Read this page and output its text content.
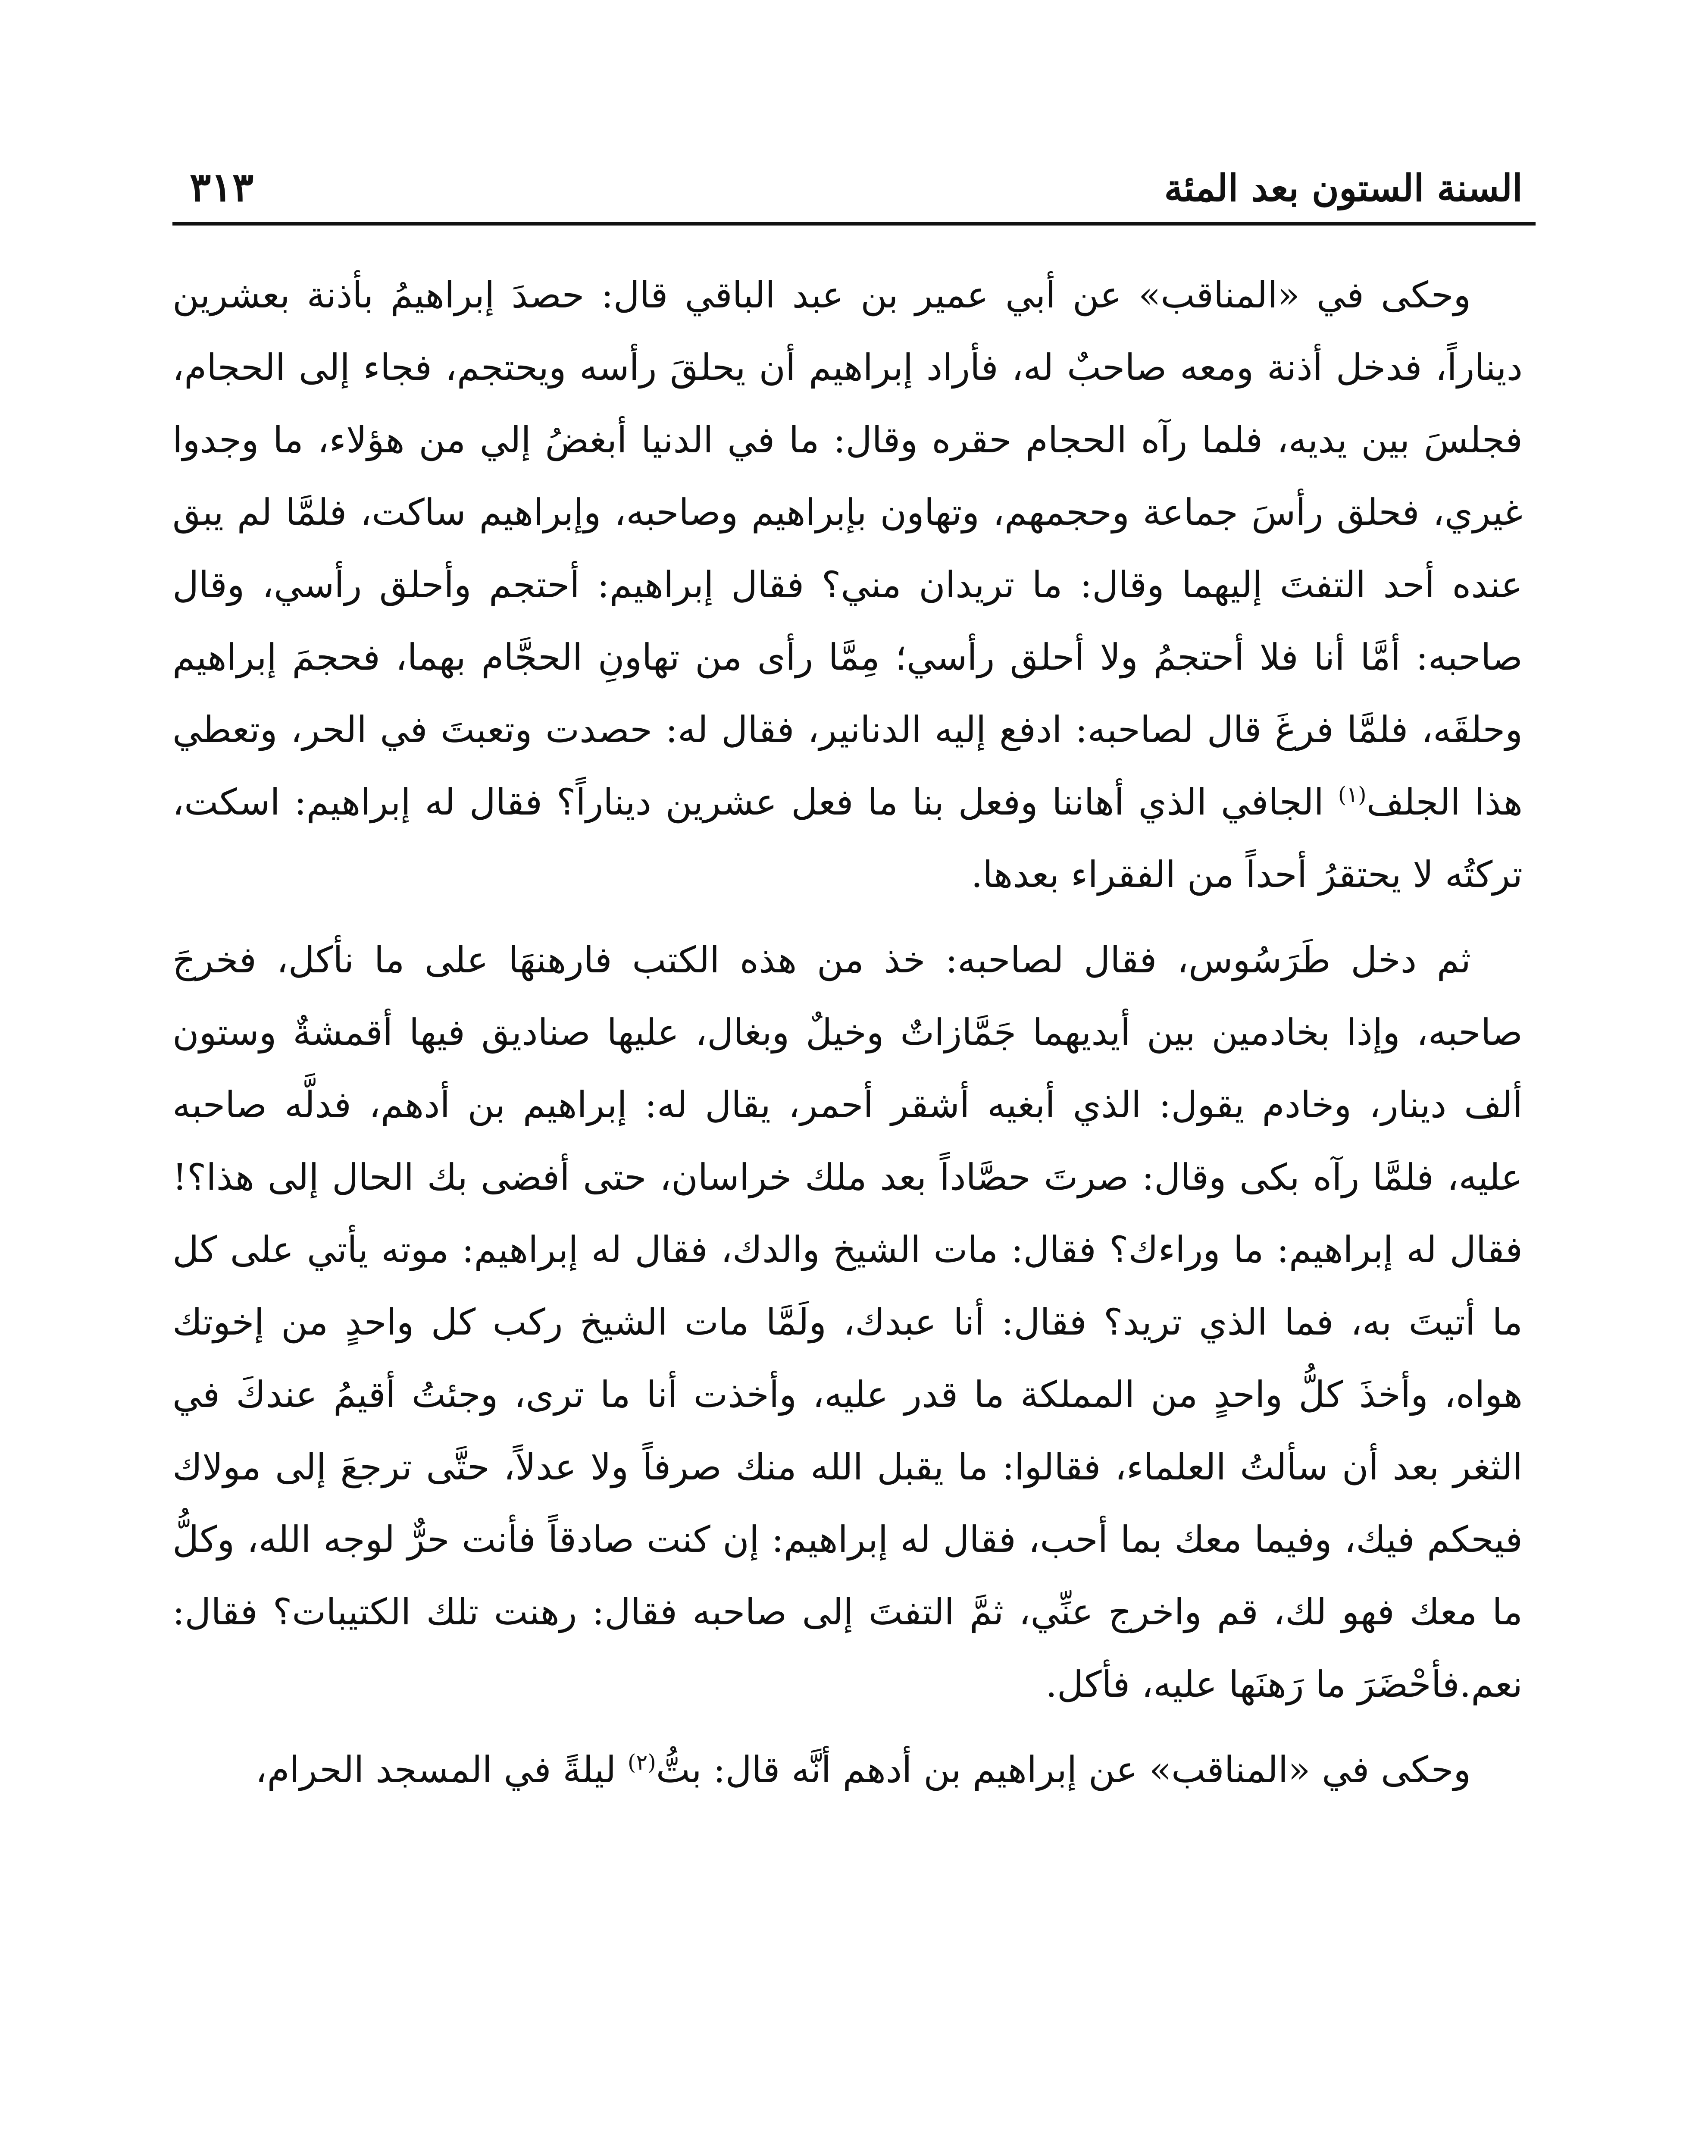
السنة الستون بعد المئة
٣١٣

وحكى في «المناقب» عن أبي عمير بن عبد الباقي قال: حصدَ إبراهيمُ بأذنة بعشرين ديناراً، فدخل أذنة ومعه صاحبٌ له، فأراد إبراهيم أن يحلقَ رأسه ويحتجم، فجاء إلى الحجام، فجلسَ بين يديه، فلما رآه الحجام حقره وقال: ما في الدنيا أبغضُ إلي من هؤلاء، ما وجدوا غيري، فحلق رأسَ جماعة وحجمهم، وتهاون بإبراهيم وصاحبه، وإبراهيم ساكت، فلمَّا لم يبق عنده أحد التفتَ إليهما وقال: ما تريدان مني؟ فقال إبراهيم: أحتجم وأحلق رأسي، وقال صاحبه: أمَّا أنا فلا أحتجمُ ولا أحلق رأسي؛ مِمَّا رأى من تهاونِ الحجَّام بهما، فحجمَ إبراهيم وحلقَه، فلمَّا فرغَ قال لصاحبه: ادفع إليه الدنانير، فقال له: حصدت وتعبتَ في الحر، وتعطي هذا الجلف$^{(١)}$ الجافي الذي أهاننا وفعل بنا ما فعل عشرين ديناراً؟ فقال له إبراهيم: اسكت، تركتُه لا يحتقرُ أحداً من الفقراء بعدها.

ثم دخل طَرَسُوس، فقال لصاحبه: خذ من هذه الكتب فارهنهَا على ما نأكل، فخرجَ صاحبه، وإذا بخادمين بين أيديهما جَمَّازاتٌ وخيلٌ وبغال، عليها صناديق فيها أقمشةٌ وستون ألف دينار، وخادم يقول: الذي أبغيه أشقر أحمر، يقال له: إبراهيم بن أدهم، فدلَّه صاحبه عليه، فلمَّا رآه بكى وقال: صرتَ حصَّاداً بعد ملك خراسان، حتى أفضى بك الحال إلى هذا؟! فقال له إبراهيم: ما وراءك؟ فقال: مات الشيخ والدك، فقال له إبراهيم: موته يأتي على كل ما أتيتَ به، فما الذي تريد؟ فقال: أنا عبدك، ولَمَّا مات الشيخ ركب كل واحدٍ من إخوتك هواه، وأخذَ كلُّ واحدٍ من المملكة ما قدر عليه، وأخذت أنا ما ترى، وجئتُ أقيمُ عندكَ في الثغر بعد أن سألتُ العلماء، فقالوا: ما يقبل الله منك صرفاً ولا عدلاً، حتَّى ترجعَ إلى مولاك فيحكم فيك، وفيما معك بما أحب، فقال له إبراهيم: إن كنت صادقاً فأنت حرٌّ لوجه الله، وكلُّ ما معك فهو لك، قم واخرج عنِّي، ثمَّ التفتَ إلى صاحبه فقال: رهنت تلك الكتيبات؟ فقال: نعم.فأحْضَرَ ما رَهنَها عليه، فأكل.

وحكى في «المناقب» عن إبراهيم بن أدهم أنَّه قال: بتُّ$^{(٢)}$ ليلةً في المسجد الحرام،
